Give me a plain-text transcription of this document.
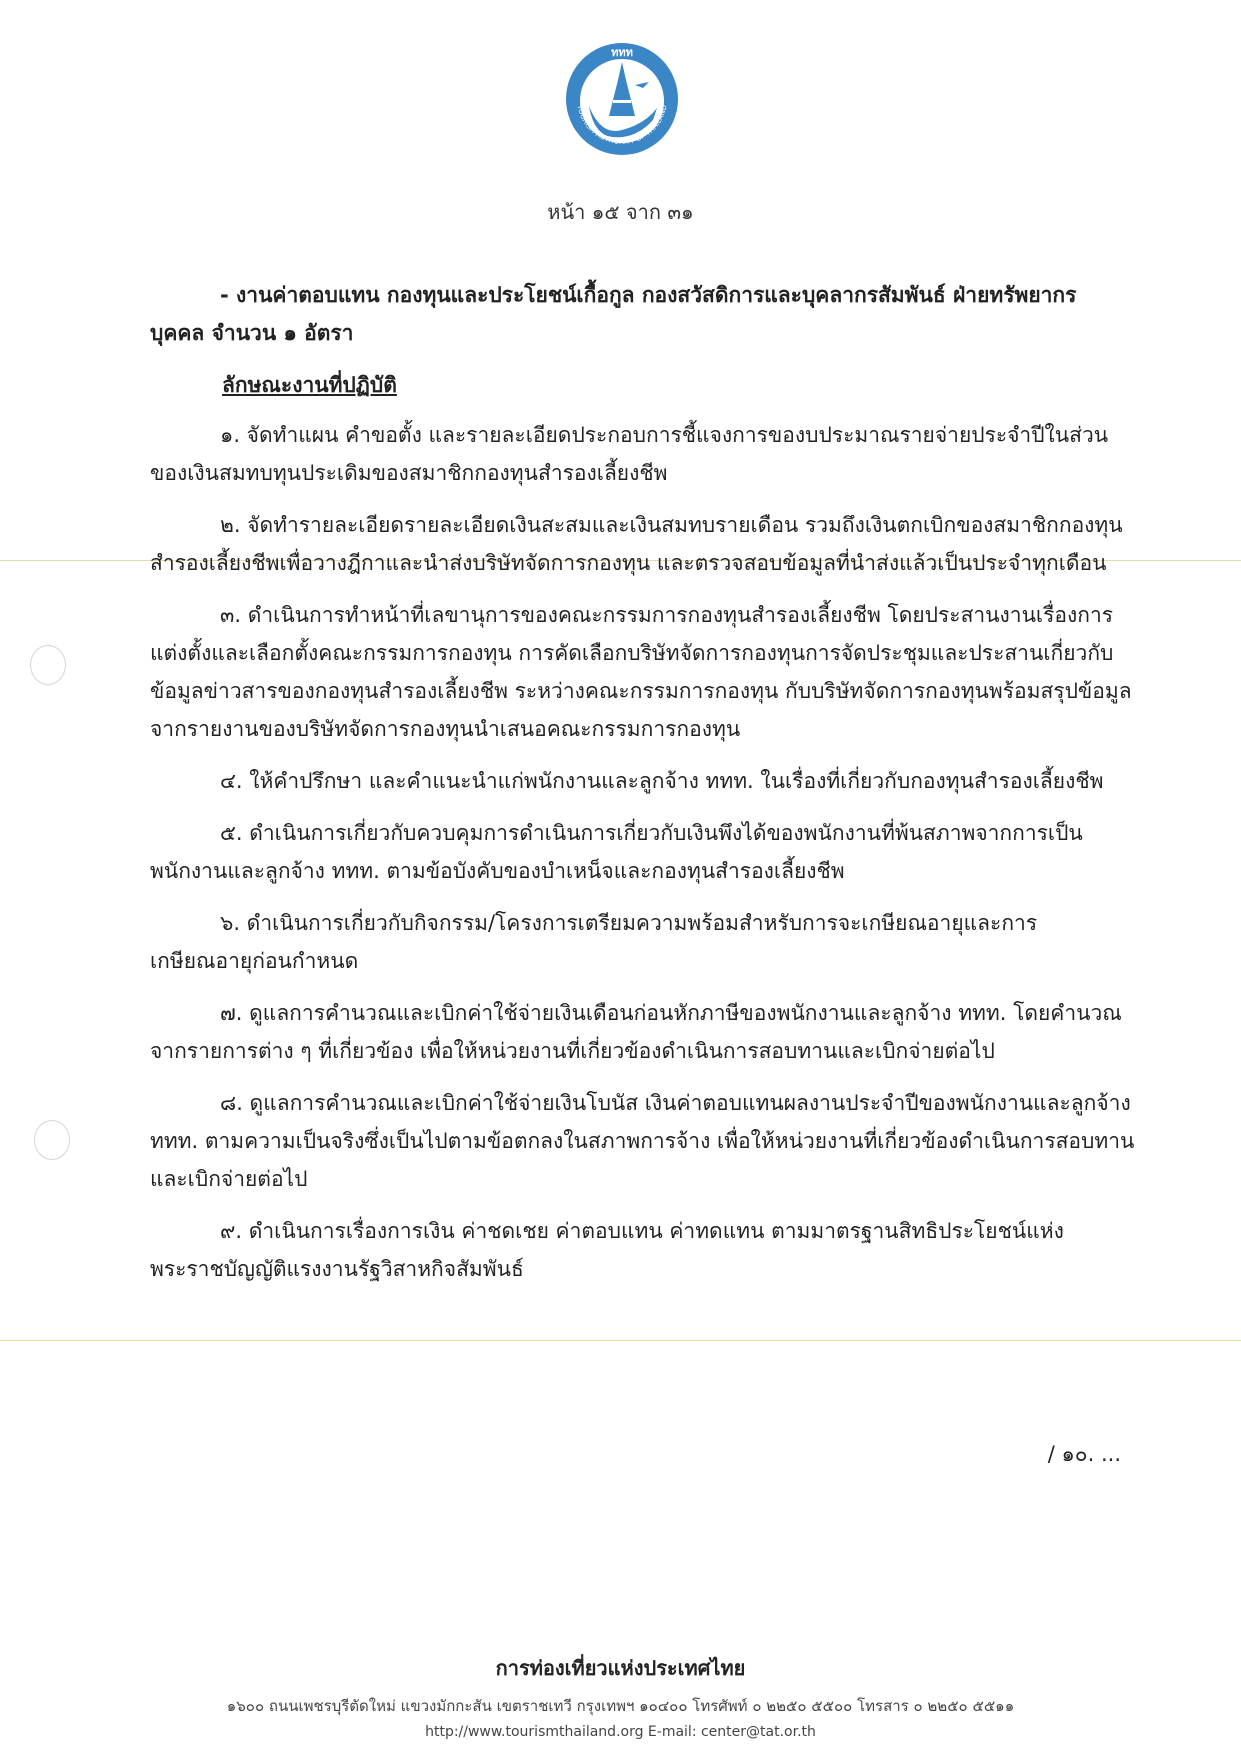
ททท
TOURISM AUTHORITY OF THAILAND
หน้า ๑๕ จาก ๓๑
- งานค่าตอบแทน กองทุนและประโยชน์เกื้อกูล กองสวัสดิการและบุคลากรสัมพันธ์ ฝ่ายทรัพยากร
บุคคล จำนวน ๑ อัตรา
ลักษณะงานที่ปฏิบัติ
๑. จัดทำแผน คำขอตั้ง และรายละเอียดประกอบการชี้แจงการของบประมาณรายจ่ายประจำปีในส่วน
ของเงินสมทบทุนประเดิมของสมาชิกกองทุนสำรองเลี้ยงชีพ
๒. จัดทำรายละเอียดรายละเอียดเงินสะสมและเงินสมทบรายเดือน รวมถึงเงินตกเบิกของสมาชิกกองทุน
สำรองเลี้ยงชีพเพื่อวางฎีกาและนำส่งบริษัทจัดการกองทุน และตรวจสอบข้อมูลที่นำส่งแล้วเป็นประจำทุกเดือน
๓. ดำเนินการทำหน้าที่เลขานุการของคณะกรรมการกองทุนสำรองเลี้ยงชีพ โดยประสานงานเรื่องการ
แต่งตั้งและเลือกตั้งคณะกรรมการกองทุน การคัดเลือกบริษัทจัดการกองทุนการจัดประชุมและประสานเกี่ยวกับ
ข้อมูลข่าวสารของกองทุนสำรองเลี้ยงชีพ ระหว่างคณะกรรมการกองทุน กับบริษัทจัดการกองทุนพร้อมสรุปข้อมูล
จากรายงานของบริษัทจัดการกองทุนนำเสนอคณะกรรมการกองทุน
๔. ให้คำปรึกษา และคำแนะนำแก่พนักงานและลูกจ้าง ททท. ในเรื่องที่เกี่ยวกับกองทุนสำรองเลี้ยงชีพ
๕. ดำเนินการเกี่ยวกับควบคุมการดำเนินการเกี่ยวกับเงินพึงได้ของพนักงานที่พ้นสภาพจากการเป็น
พนักงานและลูกจ้าง ททท. ตามข้อบังคับของบำเหน็จและกองทุนสำรองเลี้ยงชีพ
๖. ดำเนินการเกี่ยวกับกิจกรรม/โครงการเตรียมความพร้อมสำหรับการจะเกษียณอายุและการ
เกษียณอายุก่อนกำหนด
๗. ดูแลการคำนวณและเบิกค่าใช้จ่ายเงินเดือนก่อนหักภาษีของพนักงานและลูกจ้าง ททท. โดยคำนวณ
จากรายการต่าง ๆ ที่เกี่ยวข้อง เพื่อให้หน่วยงานที่เกี่ยวข้องดำเนินการสอบทานและเบิกจ่ายต่อไป
๘. ดูแลการคำนวณและเบิกค่าใช้จ่ายเงินโบนัส เงินค่าตอบแทนผลงานประจำปีของพนักงานและลูกจ้าง
ททท. ตามความเป็นจริงซึ่งเป็นไปตามข้อตกลงในสภาพการจ้าง เพื่อให้หน่วยงานที่เกี่ยวข้องดำเนินการสอบทาน
และเบิกจ่ายต่อไป
๙. ดำเนินการเรื่องการเงิน ค่าชดเชย ค่าตอบแทน ค่าทดแทน ตามมาตรฐานสิทธิประโยชน์แห่ง
พระราชบัญญัติแรงงานรัฐวิสาหกิจสัมพันธ์
/ ๑๐. ...
การท่องเที่ยวแห่งประเทศไทย
๑๖๐๐ ถนนเพชรบุรีตัดใหม่ แขวงมักกะสัน เขตราชเทวี กรุงเทพฯ ๑๐๔๐๐ โทรศัพท์ ๐ ๒๒๕๐ ๕๕๐๐ โทรสาร ๐ ๒๒๕๐ ๕๕๑๑
http://www.tourismthailand.org E-mail: center@tat.or.th
